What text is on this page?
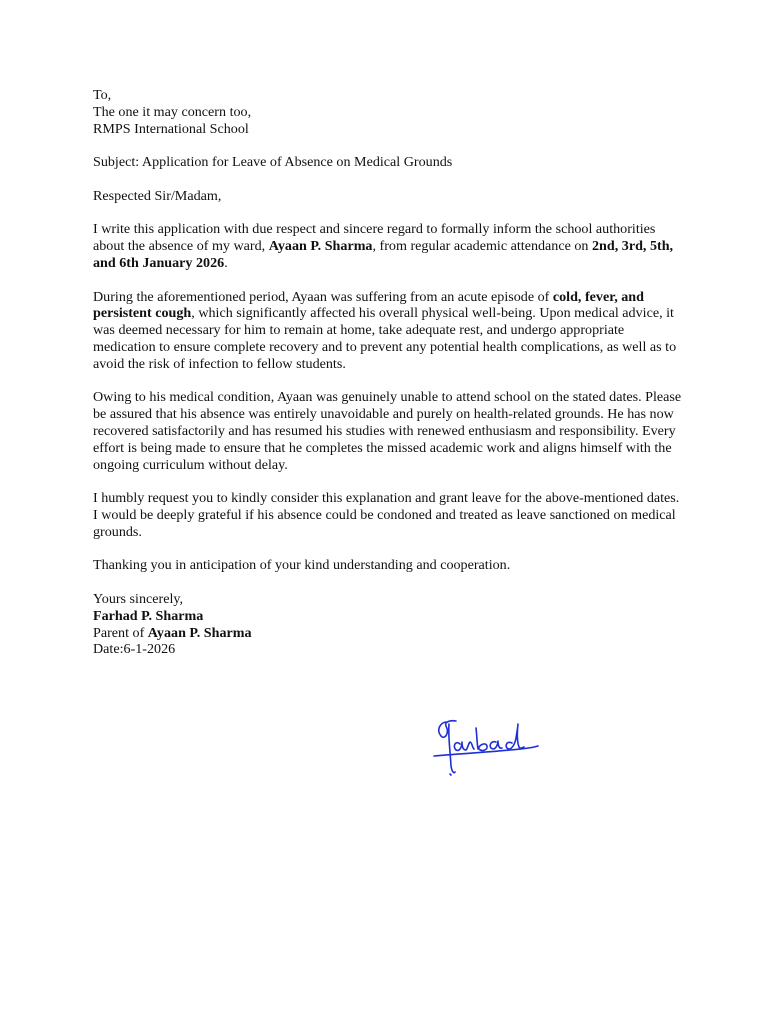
To,
The one it may concern too,
RMPS International School
Subject: Application for Leave of Absence on Medical Grounds
Respected Sir/Madam,
I write this application with due respect and sincere regard to formally inform the school authorities about the absence of my ward, Ayaan P. Sharma, from regular academic attendance on 2nd, 3rd, 5th, and 6th January 2026.
During the aforementioned period, Ayaan was suffering from an acute episode of cold, fever, and persistent cough, which significantly affected his overall physical well-being. Upon medical advice, it was deemed necessary for him to remain at home, take adequate rest, and undergo appropriate medication to ensure complete recovery and to prevent any potential health complications, as well as to avoid the risk of infection to fellow students.
Owing to his medical condition, Ayaan was genuinely unable to attend school on the stated dates. Please be assured that his absence was entirely unavoidable and purely on health-related grounds. He has now recovered satisfactorily and has resumed his studies with renewed enthusiasm and responsibility. Every effort is being made to ensure that he completes the missed academic work and aligns himself with the ongoing curriculum without delay.
I humbly request you to kindly consider this explanation and grant leave for the above-mentioned dates. I would be deeply grateful if his absence could be condoned and treated as leave sanctioned on medical grounds.
Thanking you in anticipation of your kind understanding and cooperation.
Yours sincerely,
Farhad P. Sharma
Parent of Ayaan P. Sharma
Date:6-1-2026
